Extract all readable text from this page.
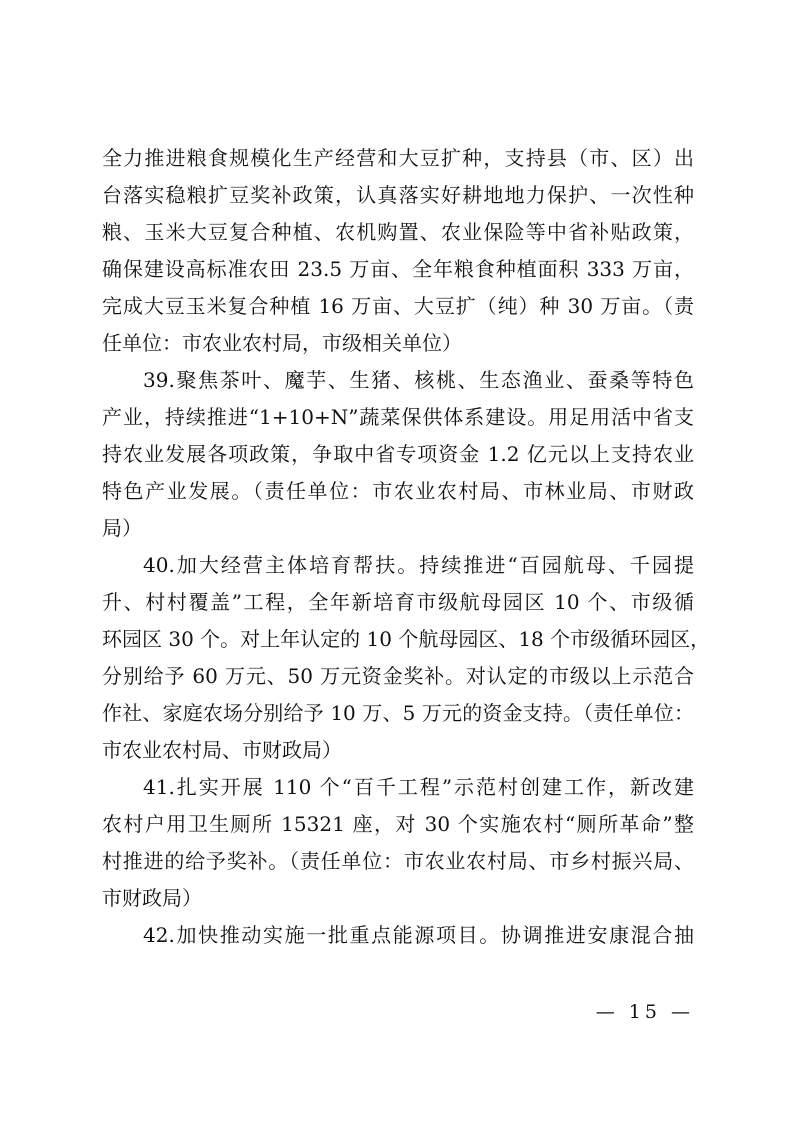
全力推进粮食规模化生产经营和大豆扩种，支持县（市、区）出
台落实稳粮扩豆奖补政策，认真落实好耕地地力保护、一次性种
粮、玉米大豆复合种植、农机购置、农业保险等中省补贴政策，
确保建设高标准农田 23.5 万亩、全年粮食种植面积 333 万亩，
完成大豆玉米复合种植 16 万亩、大豆扩（纯）种 30 万亩。（责
任单位：市农业农村局，市级相关单位）
39.聚焦茶叶、魔芋、生猪、核桃、生态渔业、蚕桑等特色
产业，持续推进“1+10+N”蔬菜保供体系建设。用足用活中省支
持农业发展各项政策，争取中省专项资金 1.2 亿元以上支持农业
特色产业发展。（责任单位：市农业农村局、市林业局、市财政
局）
40.加大经营主体培育帮扶。持续推进“百园航母、千园提
升、村村覆盖”工程，全年新培育市级航母园区 10 个、市级循
环园区 30 个。对上年认定的 10 个航母园区、18 个市级循环园区，
分别给予 60 万元、50 万元资金奖补。对认定的市级以上示范合
作社、家庭农场分别给予 10 万、5 万元的资金支持。（责任单位：
市农业农村局、市财政局）
41.扎实开展 110 个“百千工程”示范村创建工作，新改建
农村户用卫生厕所 15321 座，对 30 个实施农村“厕所革命”整
村推进的给予奖补。（责任单位：市农业农村局、市乡村振兴局、
市财政局）
42.加快推动实施一批重点能源项目。协调推进安康混合抽
— 15 —
